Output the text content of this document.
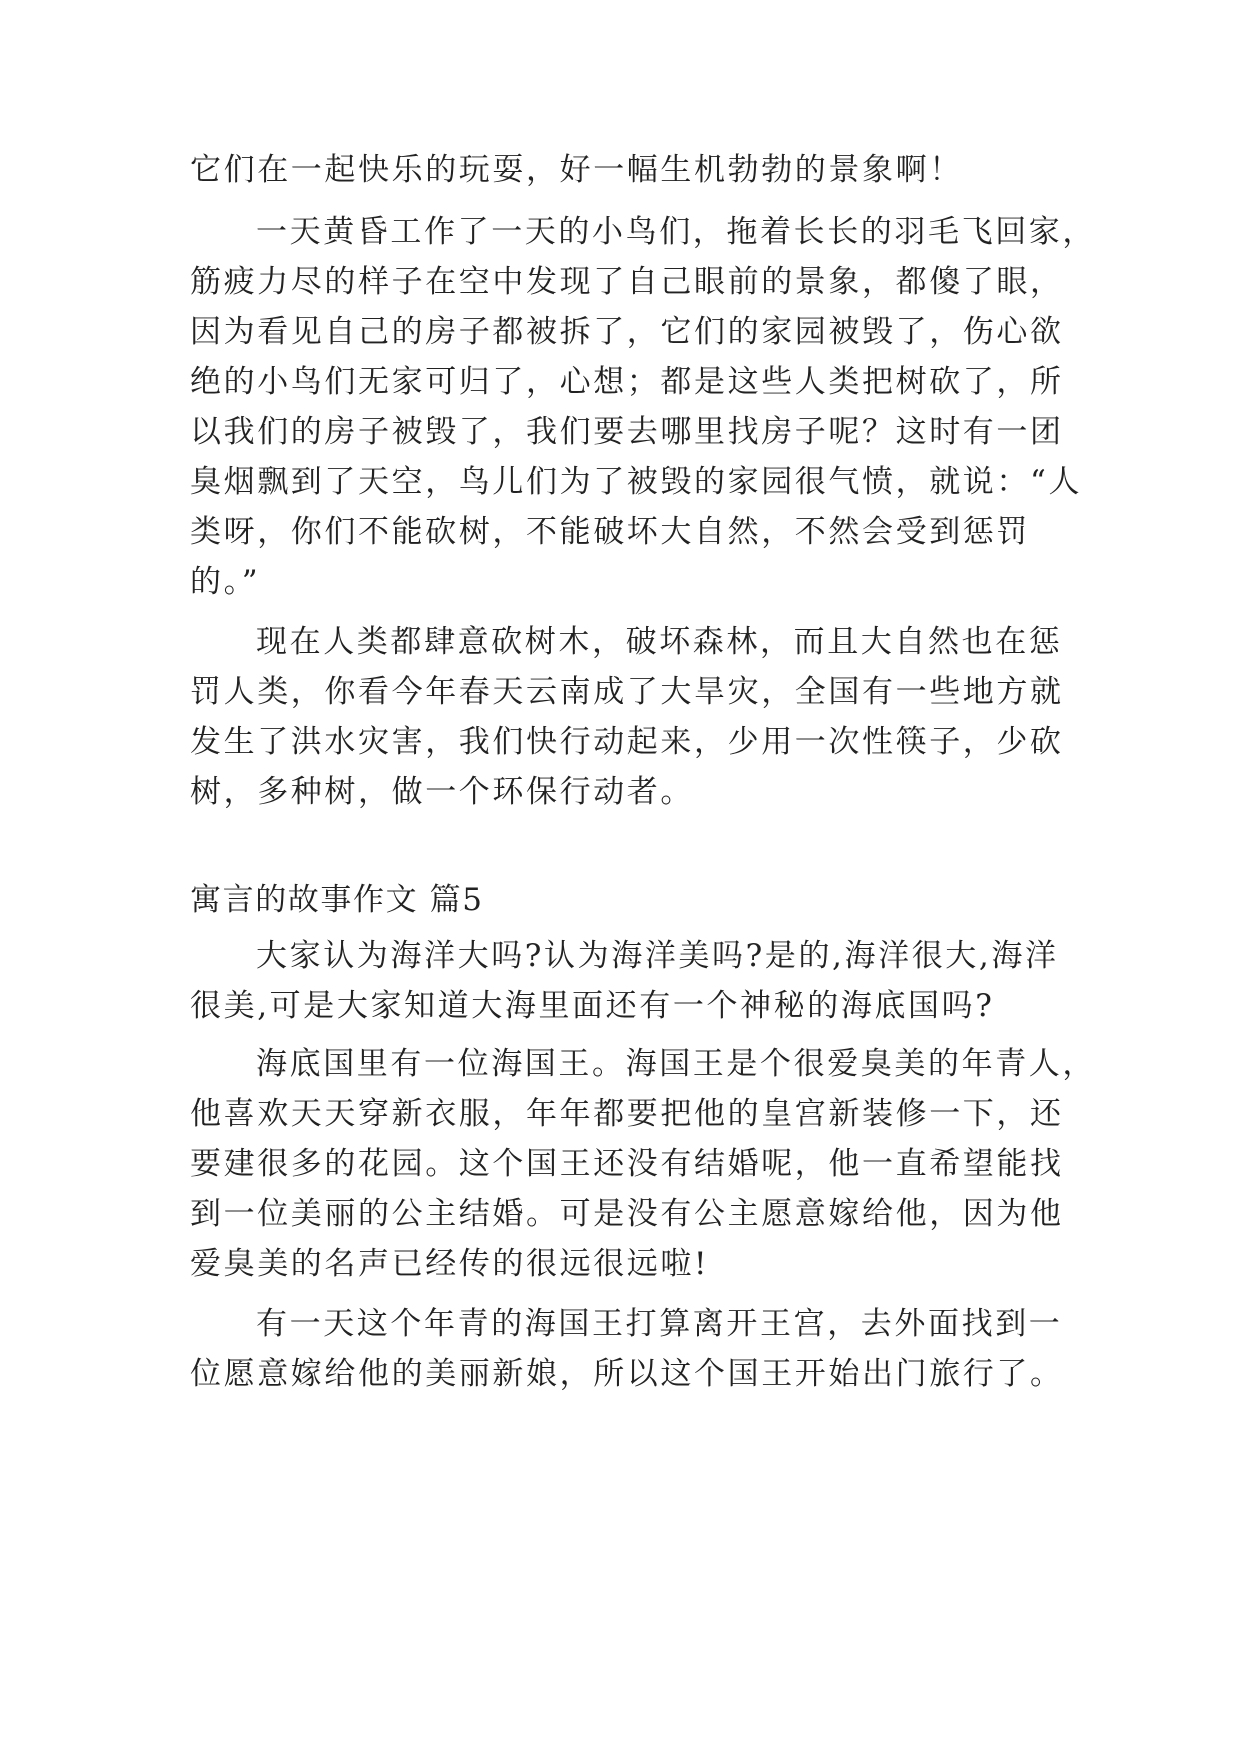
它们在一起快乐的玩耍，好一幅生机勃勃的景象啊！
一天黄昏工作了一天的小鸟们，拖着长长的羽毛飞回家，
筋疲力尽的样子在空中发现了自己眼前的景象，都傻了眼，
因为看见自己的房子都被拆了，它们的家园被毁了，伤心欲
绝的小鸟们无家可归了，心想；都是这些人类把树砍了，所
以我们的房子被毁了，我们要去哪里找房子呢？这时有一团
臭烟飘到了天空，鸟儿们为了被毁的家园很气愤，就说：“人
类呀，你们不能砍树，不能破坏大自然，不然会受到惩罚
的。”
现在人类都肆意砍树木，破坏森林，而且大自然也在惩
罚人类，你看今年春天云南成了大旱灾，全国有一些地方就
发生了洪水灾害，我们快行动起来，少用一次性筷子，少砍
树，多种树，做一个环保行动者。
寓言的故事作文 篇5
大家认为海洋大吗?认为海洋美吗?是的,海洋很大,海洋
很美,可是大家知道大海里面还有一个神秘的海底国吗?
海底国里有一位海国王。海国王是个很爱臭美的年青人，
他喜欢天天穿新衣服，年年都要把他的皇宫新装修一下，还
要建很多的花园。这个国王还没有结婚呢，他一直希望能找
到一位美丽的公主结婚。可是没有公主愿意嫁给他，因为他
爱臭美的名声已经传的很远很远啦!
有一天这个年青的海国王打算离开王宫，去外面找到一
位愿意嫁给他的美丽新娘，所以这个国王开始出门旅行了。
